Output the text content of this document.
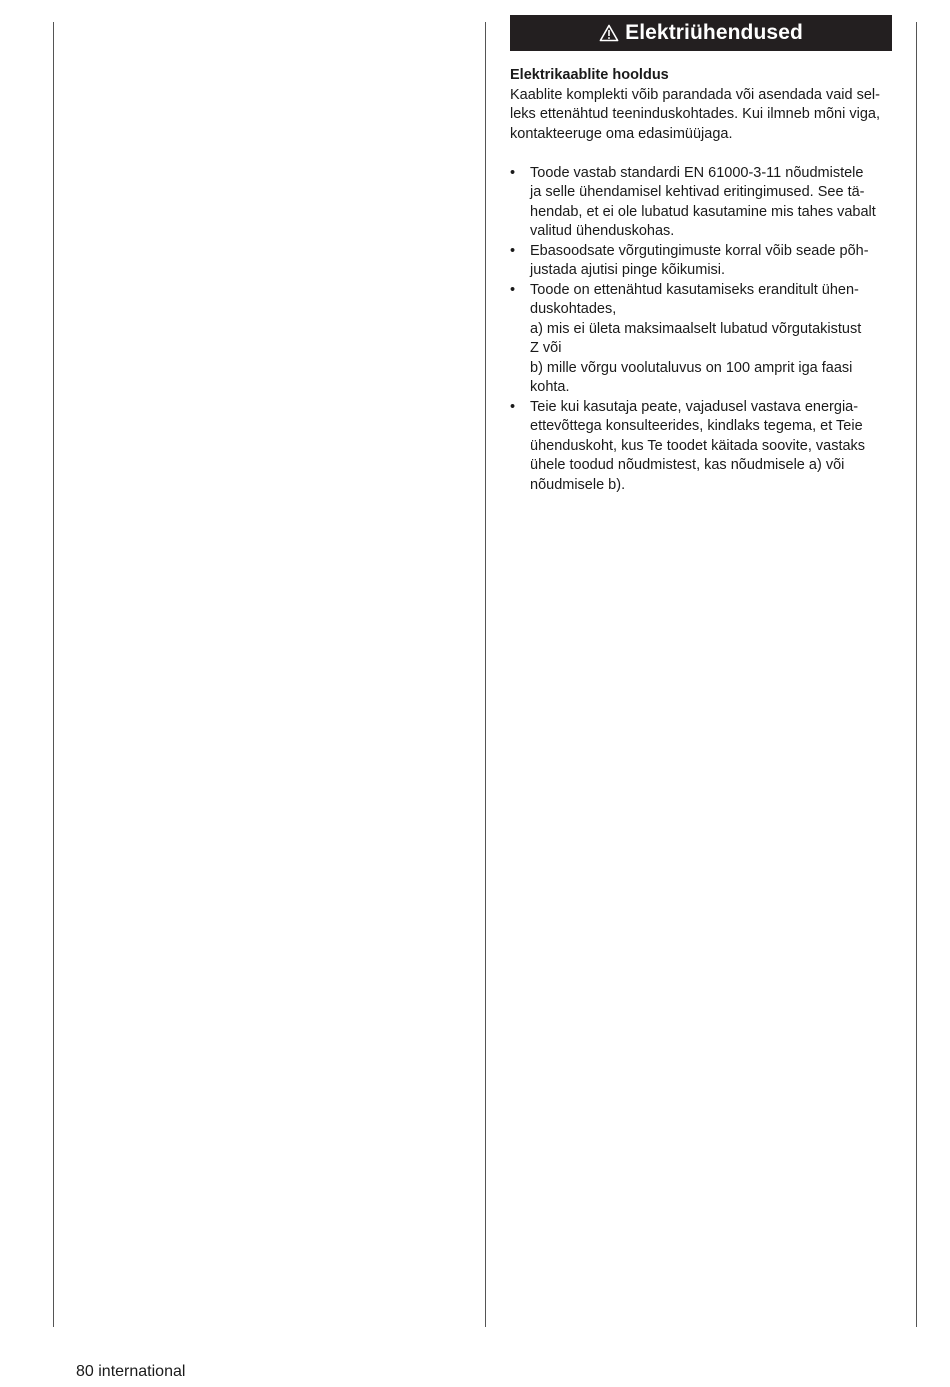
Elektriühendused
Elektrikaablite hooldus
Kaablite komplekti võib parandada või asendada vaid sel-
leks ettenähtud teeninduskohtades. Kui ilmneb mõni viga,
kontakteeruge oma edasimüüjaga.
• Toode vastab standardi EN 61000-3-11 nõudmistele
ja selle ühendamisel kehtivad eritingimused. See tä-
hendab, et ei ole lubatud kasutamine mis tahes vabalt
valitud ühenduskohas.
• Ebasoodsate võrgutingimuste korral võib seade põh-
justada ajutisi pinge kõikumisi.
• Toode on ettenähtud kasutamiseks eranditult ühen-
duskohtades,
a) mis ei ületa maksimaalselt lubatud võrgutakistust
Z või
b) mille võrgu voolutaluvus on 100 amprit iga faasi
kohta.
• Teie kui kasutaja peate, vajadusel vastava energia-
ettevõttega konsulteerides, kindlaks tegema, et Teie
ühenduskoht, kus Te toodet käitada soovite, vastaks
ühele toodud nõudmistest, kas nõudmisele a) või
nõudmisele b).
80 international
